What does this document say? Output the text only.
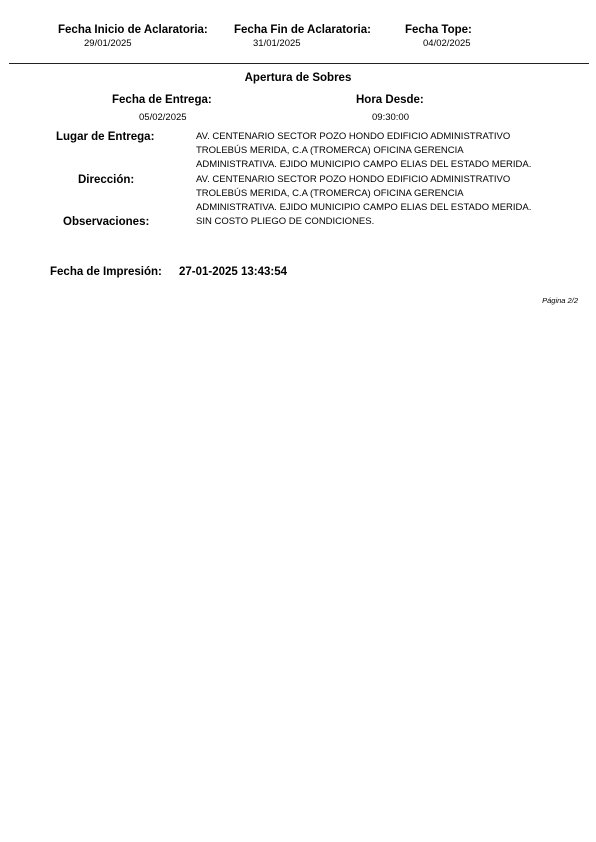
Fecha Inicio de Aclaratoria:
29/01/2025
Fecha Fin de Aclaratoria:
31/01/2025
Fecha Tope:
04/02/2025
Apertura de Sobres
Fecha de Entrega:
05/02/2025
Hora Desde:
09:30:00
Lugar de Entrega:	AV. CENTENARIO SECTOR POZO HONDO EDIFICIO ADMINISTRATIVO
TROLEBÚS MERIDA, C.A (TROMERCA) OFICINA GERENCIA
ADMINISTRATIVA. EJIDO MUNICIPIO CAMPO ELIAS DEL ESTADO MERIDA.
Dirección:	AV. CENTENARIO SECTOR POZO HONDO EDIFICIO ADMINISTRATIVO
TROLEBÚS MERIDA, C.A (TROMERCA) OFICINA GERENCIA
ADMINISTRATIVA. EJIDO MUNICIPIO CAMPO ELIAS DEL ESTADO MERIDA.
Observaciones:	SIN COSTO PLIEGO DE CONDICIONES.
Fecha de Impresión: 27-01-2025 13:43:54
Página 2/2
